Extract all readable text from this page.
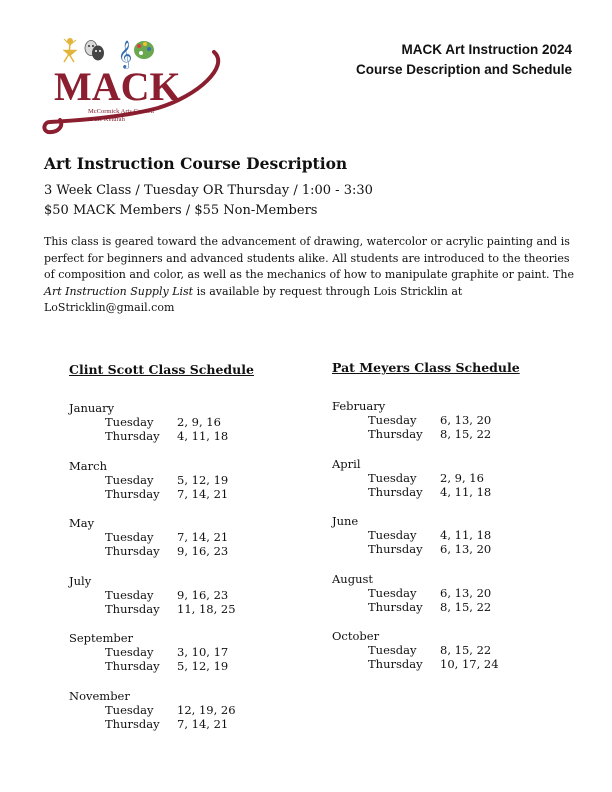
𝄞
MACK
McCormick Arts Council
at the Keturah
MACK Art Instruction 2024
Course Description and Schedule
Art Instruction Course Description
3 Week Class / Tuesday OR Thursday / 1:00 - 3:30
$50 MACK Members / $55 Non-Members
This class is geared toward the advancement of drawing, watercolor or acrylic painting and is perfect for beginners and advanced students alike. All students are introduced to the theories of composition and color, as well as the mechanics of how to manipulate graphite or paint. The Art Instruction Supply List is available by request through Lois Stricklin at LoStricklin@gmail.com
Clint Scott Class Schedule
January
Tuesday	2, 9, 16
Thursday	4, 11, 18
March
Tuesday	5, 12, 19
Thursday	7, 14, 21
May
Tuesday	7, 14, 21
Thursday	9, 16, 23
July
Tuesday	9, 16, 23
Thursday	11, 18, 25
September
Tuesday	3, 10, 17
Thursday	5, 12, 19
November
Tuesday	12, 19, 26
Thursday	7, 14, 21
Pat Meyers Class Schedule
February
Tuesday	6, 13, 20
Thursday	8, 15, 22
April
Tuesday	2, 9, 16
Thursday	4, 11, 18
June
Tuesday	4, 11, 18
Thursday	6, 13, 20
August
Tuesday	6, 13, 20
Thursday	8, 15, 22
October
Tuesday	8, 15, 22
Thursday	10, 17, 24
